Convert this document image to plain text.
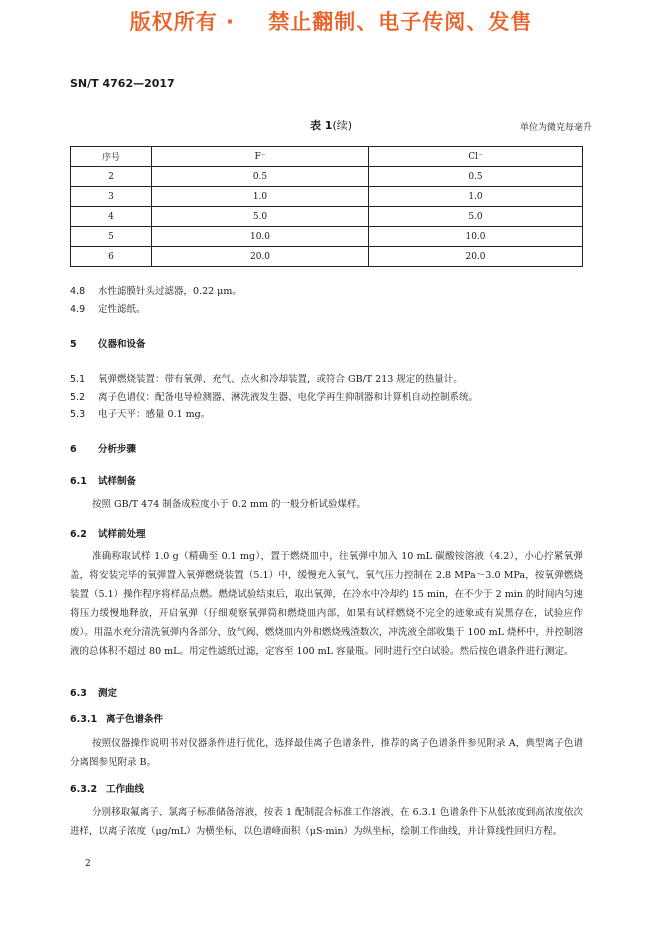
版权所有 ·    禁止翻制、电子传阅、发售
SN/T 4762—2017
表 1(续)	单位为微克每毫升
序号	F⁻	Cl⁻
2	0.5	0.5
3	1.0	1.0
4	5.0	5.0
5	10.0	10.0
6	20.0	20.0
4.8 水性滤膜针头过滤器，0.22 μm。
4.9 定性滤纸。
5 仪器和设备
5.1 氧弹燃烧装置：带有氧弹、充气、点火和冷却装置，或符合 GB/T 213 规定的热量计。
5.2 离子色谱仪：配备电导检测器、淋洗液发生器、电化学再生抑制器和计算机自动控制系统。
5.3 电子天平：感量 0.1 mg。
6 分析步骤
6.1 试样制备
按照 GB/T 474 制备成粒度小于 0.2 mm 的一般分析试验煤样。
6.2 试样前处理
准确称取试样 1.0 g（精确至 0.1 mg），置于燃烧皿中，往氧弹中加入 10 mL 碳酸铵溶液（4.2），小心拧紧氧弹盖，将安装完毕的氧弹置入氧弹燃烧装置（5.1）中，缓慢充入氧气，氧气压力控制在 2.8 MPa～3.0 MPa，按氧弹燃烧装置（5.1）操作程序将样品点燃。燃烧试验结束后，取出氧弹，在冷水中冷却约 15 min，在不少于 2 min 的时间内匀速将压力缓慢地释放，开启氧弹（仔细观察氧弹筒和燃烧皿内部，如果有试样燃烧不完全的迹象或有炭黑存在，试验应作废）。用温水充分清洗氧弹内各部分、放气阀、燃烧皿内外和燃烧残渣数次，冲洗液全部收集于 100 mL 烧杯中，并控制溶液的总体积不超过 80 mL。用定性滤纸过滤，定容至 100 mL 容量瓶。同时进行空白试验。然后按色谱条件进行测定。
6.3 测定
6.3.1 离子色谱条件
按照仪器操作说明书对仪器条件进行优化，选择最佳离子色谱条件，推荐的离子色谱条件参见附录 A，典型离子色谱分离图参见附录 B。
6.3.2 工作曲线
分别移取氟离子、氯离子标准储备溶液，按表 1 配制混合标准工作溶液，在 6.3.1 色谱条件下从低浓度到高浓度依次进样，以离子浓度（μg/mL）为横坐标，以色谱峰面积（μS·min）为纵坐标，绘制工作曲线，并计算线性回归方程。
2
